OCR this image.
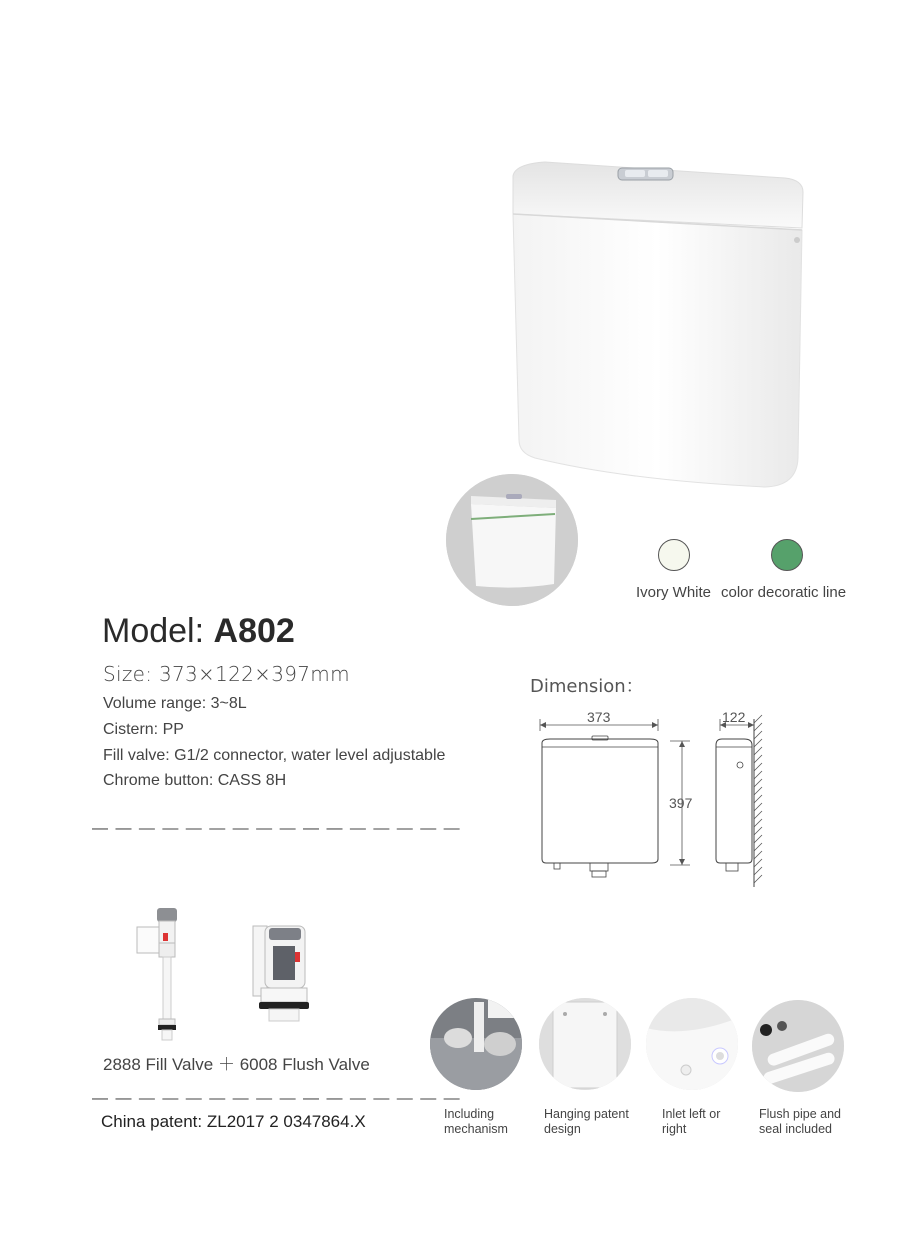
Ivory White color decoratic line
Model: A802
Size: 373×122×397mm
Volume range: 3~8L
Cistern: PP
Fill valve: G1/2 connector, water level adjustable
Chrome button: CASS 8H
— — — — — — — — — — — — — — — —
Dimension：
373	122
397
2888 Fill Valve ＋ 6008 Flush Valve
— — — — — — — — — — — — — — — —
China patent: ZL2017 2 0347864.X	Including mechanism
Hanging patent design
Inlet left or right
Flush pipe and seal included
